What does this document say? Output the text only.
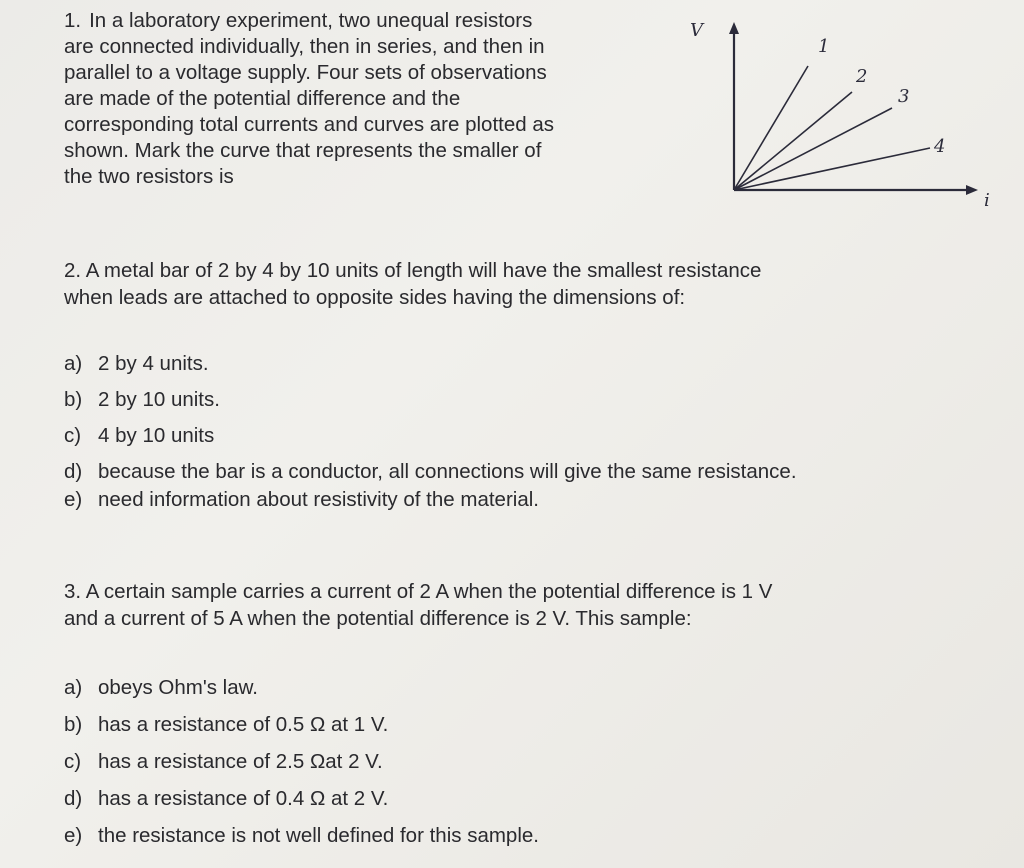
1. In a laboratory experiment, two unequal resistors
are connected individually, then in series, and then in
parallel to a voltage supply. Four sets of observations
are made of the potential difference and the
corresponding total currents and curves are plotted as
shown. Mark the curve that represents the smaller of
the two resistors is
V
i
1
2
3
4
2. A metal bar of 2 by 4 by 10 units of length will have the smallest resistance
when leads are attached to opposite sides having the dimensions of:
a) 2 by 4 units.
b) 2 by 10 units.
c) 4 by 10 units
d) because the bar is a conductor, all connections will give the same resistance.
e) need information about resistivity of the material.
3. A certain sample carries a current of 2 A when the potential difference is 1 V
and a current of 5 A when the potential difference is 2 V. This sample:
a) obeys Ohm's law.
b) has a resistance of 0.5 Ω at 1 V.
c) has a resistance of 2.5 Ωat 2 V.
d) has a resistance of 0.4 Ω at 2 V.
e) the resistance is not well defined for this sample.
